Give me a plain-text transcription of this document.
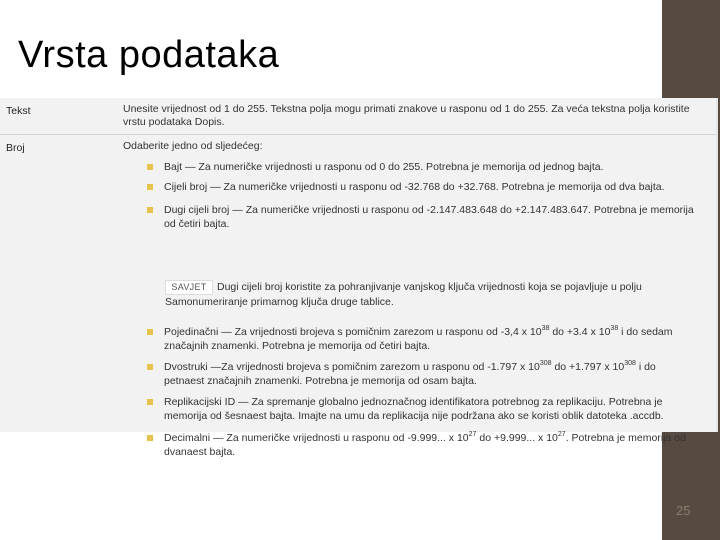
Vrsta podataka
Tekst	Unesite vrijednost od 1 do 255. Tekstna polja mogu primati znakove u rasponu od 1 do 255. Za veća tekstna polja koristite vrstu podataka Dopis.
Broj	Odaberite jedno od sljedećeg:
Bajt — Za numeričke vrijednosti u rasponu od 0 do 255. Potrebna je memorija od jednog bajta.
Cijeli broj — Za numeričke vrijednosti u rasponu od -32.768 do +32.768. Potrebna je memorija od dva bajta.
Dugi cijeli broj — Za numeričke vrijednosti u rasponu od -2.147.483.648 do +2.147.483.647. Potrebna je memorija od četiri bajta.
SAVJET Dugi cijeli broj koristite za pohranjivanje vanjskog ključa vrijednosti koja se pojavljuje u polju
Samonumeriranje primarnog ključa druge tablice.
Pojedinačni — Za vrijednosti brojeva s pomičnim zarezom u rasponu od -3,4 x $10^{38}$ do +3.4 x $10^{38}$ i do sedam značajnih znamenki. Potrebna je memorija od četiri bajta.
Dvostruki —Za vrijednosti brojeva s pomičnim zarezom u rasponu od -1.797 x $10^{308}$ do +1.797 x $10^{308}$ i do petnaest značajnih znamenki. Potrebna je memorija od osam bajta.
Replikacijski ID — Za spremanje globalno jednoznačnog identifikatora potrebnog za replikaciju. Potrebna je memorija od šesnaest bajta. Imajte na umu da replikacija nije podržana ako se koristi oblik datoteka .accdb.
Decimalni — Za numeričke vrijednosti u rasponu od -9.999... x $10^{27}$ do +9.999... x $10^{27}$. Potrebna je memorija od dvanaest bajta.
25
